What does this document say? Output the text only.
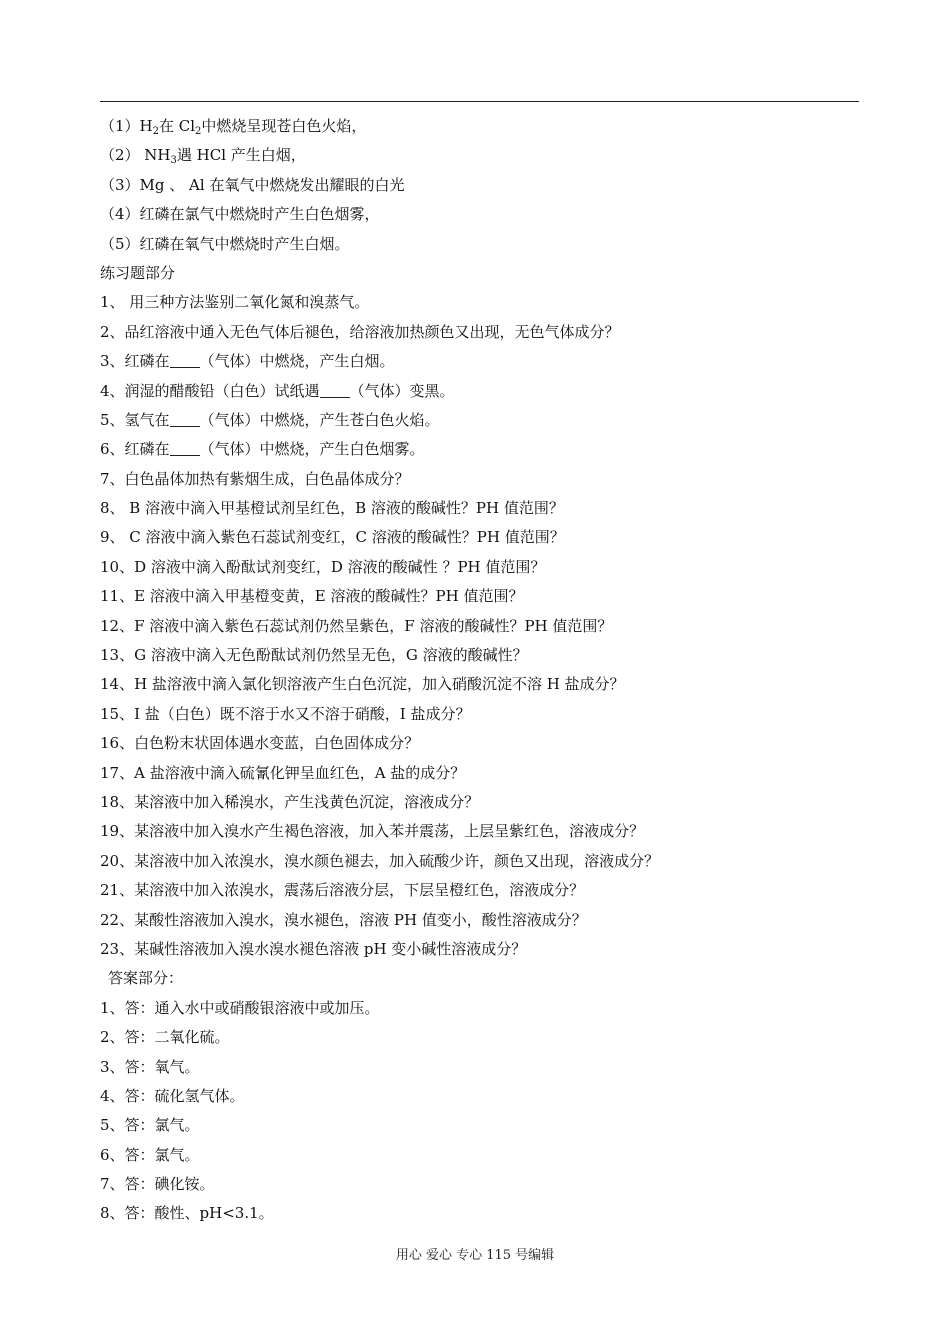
$(1)H_2$在 $Cl_2$中燃烧呈现苍白色火焰，
（2） $NH_3$遇 HCl 产生白烟，
（3）Mg 、 Al 在氧气中燃烧发出耀眼的白光
（4）红磷在氯气中燃烧时产生白色烟雾，
（5）红磷在氧气中燃烧时产生白烟。
练习题部分
1、 用三种方法鉴别二氧化氮和溴蒸气。
2、品红溶液中通入无色气体后褪色，给溶液加热颜色又出现，无色气体成分？
3、红磷在 （气体）中燃烧，产生白烟。
4、润湿的醋酸铅（白色）试纸遇 （气体）变黑。
5、氢气在 （气体）中燃烧，产生苍白色火焰。
6、红磷在 （气体）中燃烧，产生白色烟雾。
7、白色晶体加热有紫烟生成，白色晶体成分？
8、 B 溶液中滴入甲基橙试剂呈红色，B 溶液的酸碱性？PH 值范围？
9、 C 溶液中滴入紫色石蕊试剂变红，C 溶液的酸碱性？PH 值范围？
10、D 溶液中滴入酚酞试剂变红，D 溶液的酸碱性 ？PH 值范围？
11、E 溶液中滴入甲基橙变黄，E 溶液的酸碱性？PH 值范围？
12、F 溶液中滴入紫色石蕊试剂仍然呈紫色，F 溶液的酸碱性？PH 值范围？
13、G 溶液中滴入无色酚酞试剂仍然呈无色，G 溶液的酸碱性？
14、H 盐溶液中滴入氯化钡溶液产生白色沉淀，加入硝酸沉淀不溶 H 盐成分？
15、I 盐（白色）既不溶于水又不溶于硝酸，I 盐成分？
16、白色粉末状固体遇水变蓝，白色固体成分？
17、A 盐溶液中滴入硫氰化钾呈血红色，A 盐的成分？
18、某溶液中加入稀溴水，产生浅黄色沉淀，溶液成分？
19、某溶液中加入溴水产生褐色溶液，加入苯并震荡，上层呈紫红色，溶液成分？
20、某溶液中加入浓溴水，溴水颜色褪去，加入硫酸少许，颜色又出现，溶液成分？
21、某溶液中加入浓溴水，震荡后溶液分层，下层呈橙红色，溶液成分？
22、某酸性溶液加入溴水，溴水褪色，溶液 PH 值变小，酸性溶液成分？
23、某碱性溶液加入溴水溴水褪色溶液 pH 变小碱性溶液成分？
答案部分：
1、答：通入水中或硝酸银溶液中或加压。
2、答：二氧化硫。
3、答：氧气。
4、答：硫化氢气体。
5、答：氯气。
6、答：氯气。
7、答：碘化铵。
8、答：酸性、pH<3.1。
用心 爱心 专心 115 号编辑
